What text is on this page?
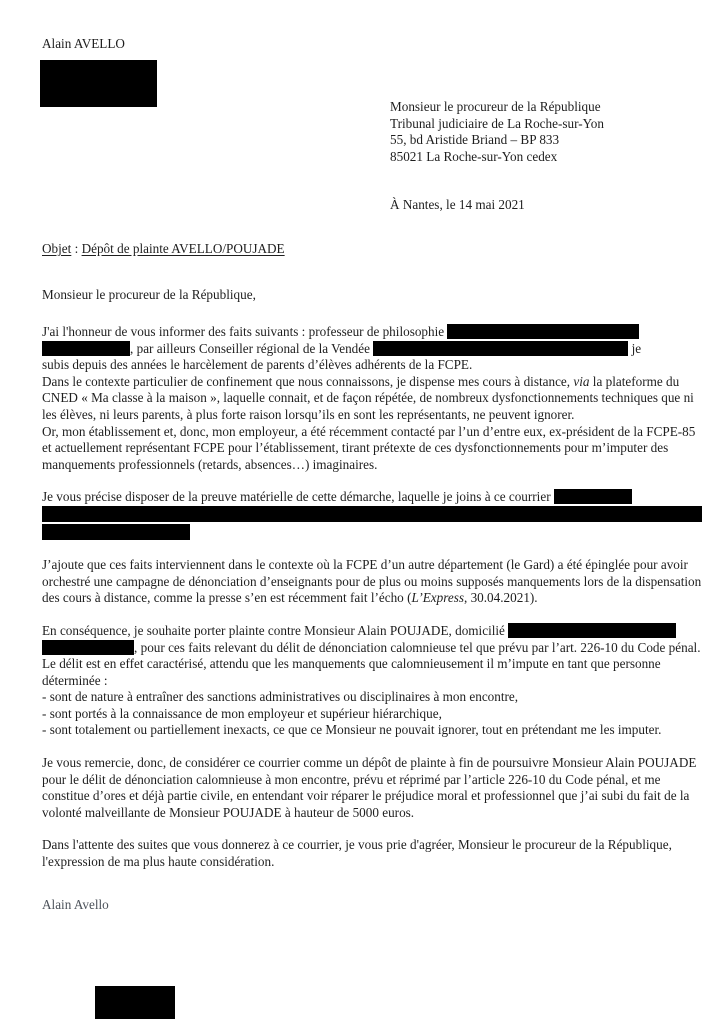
Alain AVELLO
Monsieur le procureur de la République
Tribunal judiciaire de La Roche-sur-Yon
55, bd Aristide Briand – BP 833
85021 La Roche-sur-Yon cedex
À Nantes, le 14 mai 2021
Objet : Dépôt de plainte AVELLO/POUJADE
Monsieur le procureur de la République,

J'ai l'honneur de vous informer des faits suivants : professeur de philosophie
, par ailleurs Conseiller régional de la Vendée	je
subis depuis des années le harcèlement de parents d’élèves adhérents de la FCPE.

Dans le contexte particulier de confinement que nous connaissons, je dispense mes cours à distance, via la plateforme du CNED « Ma classe à la maison », laquelle connait, et de façon répétée, de nombreux dysfonctionnements techniques que ni les élèves, ni leurs parents, à plus forte raison lorsqu’ils en sont les représentants, ne peuvent ignorer.

Or, mon établissement et, donc, mon employeur, a été récemment contacté par l’un d’entre eux, ex-président de la FCPE-85 et actuellement représentant FCPE pour l’établissement, tirant prétexte de ces dysfonctionnements pour m’imputer des manquements professionnels (retards, absences…) imaginaires.

Je vous précise disposer de la preuve matérielle de cette démarche, laquelle je joins à ce courrier

J’ajoute que ces faits interviennent dans le contexte où la FCPE d’un autre département (le Gard) a été épinglée pour avoir orchestré une campagne de dénonciation d’enseignants pour de plus ou moins supposés manquements lors de la dispensation des cours à distance, comme la presse s’en est récemment fait l’écho (L’Express, 30.04.2021).

En conséquence, je souhaite porter plainte contre Monsieur Alain POUJADE, domicilié
, pour ces faits relevant du délit de dénonciation calomnieuse tel que prévu par l’art. 226-10 du Code pénal. Le délit est en effet caractérisé, attendu que les manquements que calomnieusement il m’impute en tant que personne déterminée :

- sont de nature à entraîner des sanctions administratives ou disciplinaires à mon encontre,

- sont portés à la connaissance de mon employeur et supérieur hiérarchique,

- sont totalement ou partiellement inexacts, ce que ce Monsieur ne pouvait ignorer, tout en prétendant me les imputer.

Je vous remercie, donc, de considérer ce courrier comme un dépôt de plainte à fin de poursuivre Monsieur Alain POUJADE pour le délit de dénonciation calomnieuse à mon encontre, prévu et réprimé par l’article 226-10 du Code pénal, et me constitue d’ores et déjà partie civile, en entendant voir réparer le préjudice moral et professionnel que j’ai subi du fait de la volonté malveillante de Monsieur POUJADE à hauteur de 5000 euros.

Dans l'attente des suites que vous donnerez à ce courrier, je vous prie d'agréer, Monsieur le procureur de la République, l'expression de ma plus haute considération.

Alain Avello
